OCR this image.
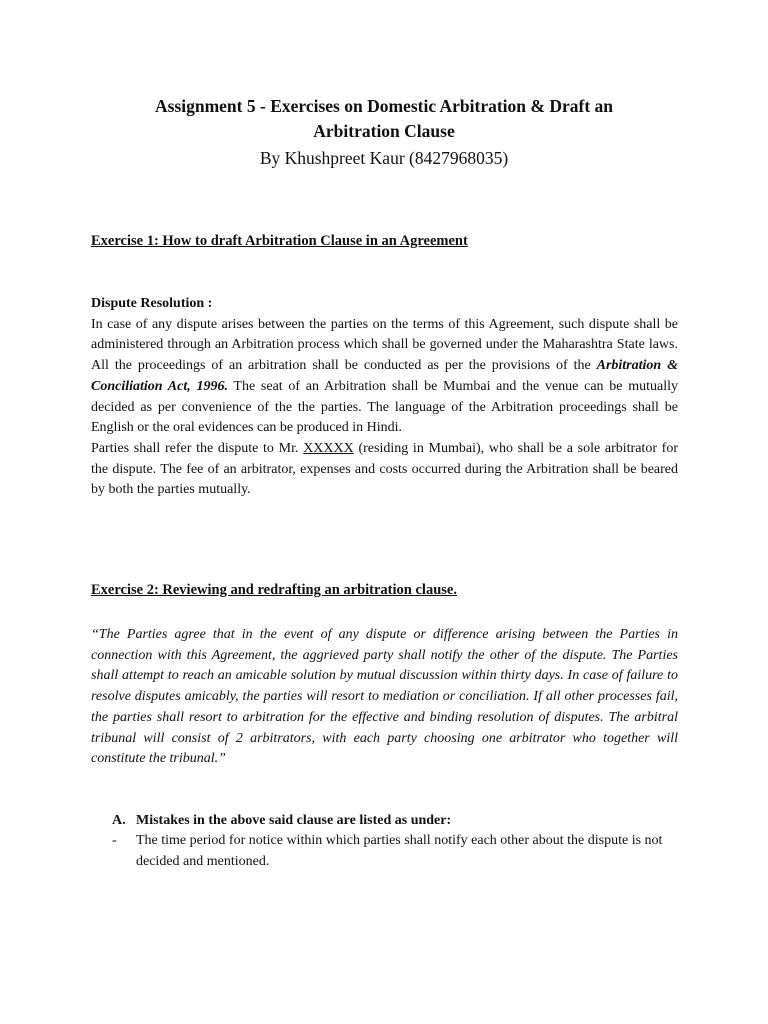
Assignment 5 - Exercises on Domestic Arbitration & Draft an
Arbitration Clause
By Khushpreet Kaur (8427968035)
Exercise 1: How to draft Arbitration Clause in an Agreement

Dispute Resolution :

In case of any dispute arises between the parties on the terms of this Agreement, such dispute shall be administered through an Arbitration process which shall be governed under the Maharashtra State laws. All the proceedings of an arbitration shall be conducted as per the provisions of the Arbitration & Conciliation Act, 1996. The seat of an Arbitration shall be Mumbai and the venue can be mutually decided as per convenience of the the parties. The language of the Arbitration proceedings shall be English or the oral evidences can be produced in Hindi.

Parties shall refer the dispute to Mr. XXXXX (residing in Mumbai), who shall be a sole arbitrator for the dispute. The fee of an arbitrator, expenses and costs occurred during the Arbitration shall be beared by both the parties mutually.

Exercise 2: Reviewing and redrafting an arbitration clause.

“The Parties agree that in the event of any dispute or difference arising between the Parties in connection with this Agreement, the aggrieved party shall notify the other of the dispute. The Parties shall attempt to reach an amicable solution by mutual discussion within thirty days. In case of failure to resolve disputes amicably, the parties will resort to mediation or conciliation. If all other processes fail, the parties shall resort to arbitration for the effective and binding resolution of disputes. The arbitral tribunal will consist of 2 arbitrators, with each party choosing one arbitrator who together will constitute the tribunal.”

A. Mistakes in the above said clause are listed as under:
- The time period for notice within which parties shall notify each other about the dispute is not decided and mentioned.
